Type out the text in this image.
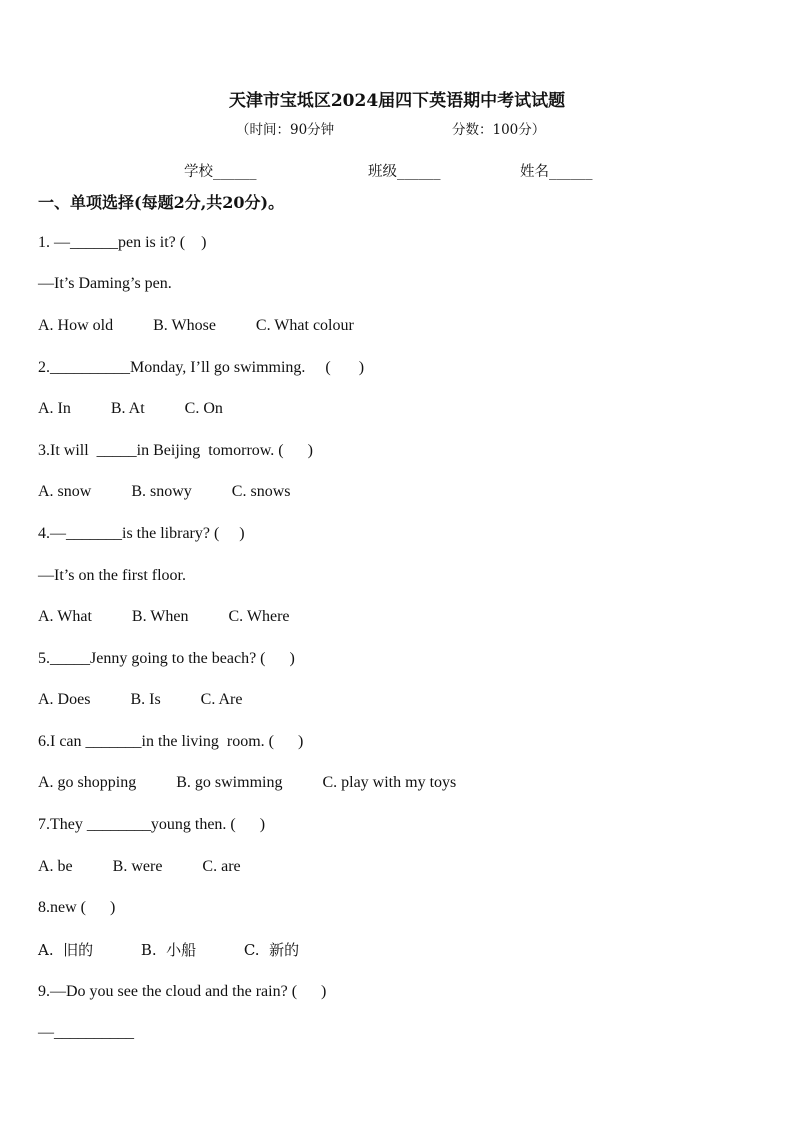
天津市宝坻区2024届四下英语期中考试试题
（时间：90分钟	分数：100分）
学校______	班级______	姓名______
一、单项选择(每题2分,共20分)。
1. —______pen is it? (    )
—It’s Daming’s pen.
A. How old          B. Whose          C. What colour
2.__________Monday, I’ll go swimming.     (       )
A. In          B. At          C. On
3.It will  _____in Beijing  tomorrow. (      )
A. snow          B. snowy          C. snows
4.—_______is the library? (     )
—It’s on the first floor.
A. What          B. When          C. Where
5._____Jenny going to the beach? (      )
A. Does          B. Is          C. Are
6.I can _______in the living  room. (      )
A. go shopping          B. go swimming          C. play with my toys
7.They ________young then. (      )
A. be          B. were          C. are
8.new (      )
A.  旧的          B.  小船          C.  新的
9.—Do you see the cloud and the rain? (      )
—__________
